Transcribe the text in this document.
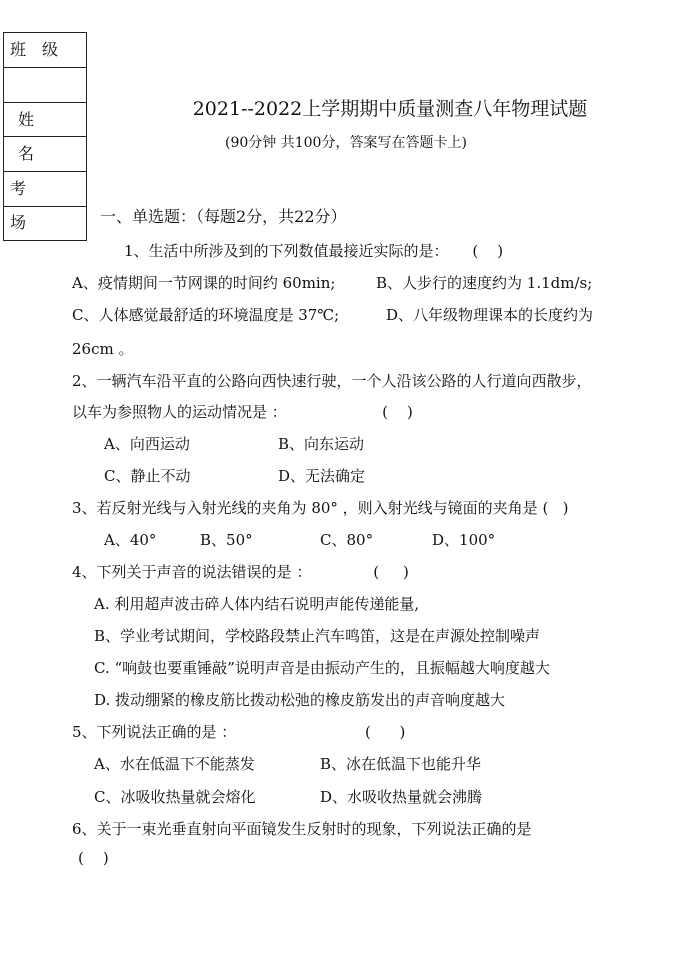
班级
姓名
考场
2021--2022上学期期中质量测查八年物理试题
(90分钟 共100分，答案写在答题卡上)
一、单选题：（每题2分，共22分）
1、生活中所涉及到的下列数值最接近实际的是：     (    )
A、疫情期间一节网课的时间约 60min;	B、人步行的速度约为 1.1dm/s;
C、人体感觉最舒适的环境温度是 37℃;	D、八年级物理课本的长度约为
26cm 。
2、一辆汽车沿平直的公路向西快速行驶，一个人沿该公路的人行道向西散步，
以车为参照物人的运动情况是 ：                    (    )
A、向西运动	B、向东运动
C、静止不动	D、无法确定
3、若反射光线与入射光线的夹角为 80° ，则入射光线与镜面的夹角是 (   )
A、40°	B、50°	C、80°	D、100°
4、下列关于声音的说法错误的是 ：             (     )
A. 利用超声波击碎人体内结石说明声能传递能量,
B、学业考试期间，学校路段禁止汽车鸣笛，这是在声源处控制噪声
C. “响鼓也要重锤敲”说明声音是由振动产生的，且振幅越大响度越大
D. 拨动绷紧的橡皮筋比拨动松弛的橡皮筋发出的声音响度越大
5、下列说法正确的是 ：                           (      )
A、水在低温下不能蒸发	B、冰在低温下也能升华
C、冰吸收热量就会熔化	D、水吸收热量就会沸腾
6、关于一束光垂直射向平面镜发生反射时的现象，下列说法正确的是
(    )
